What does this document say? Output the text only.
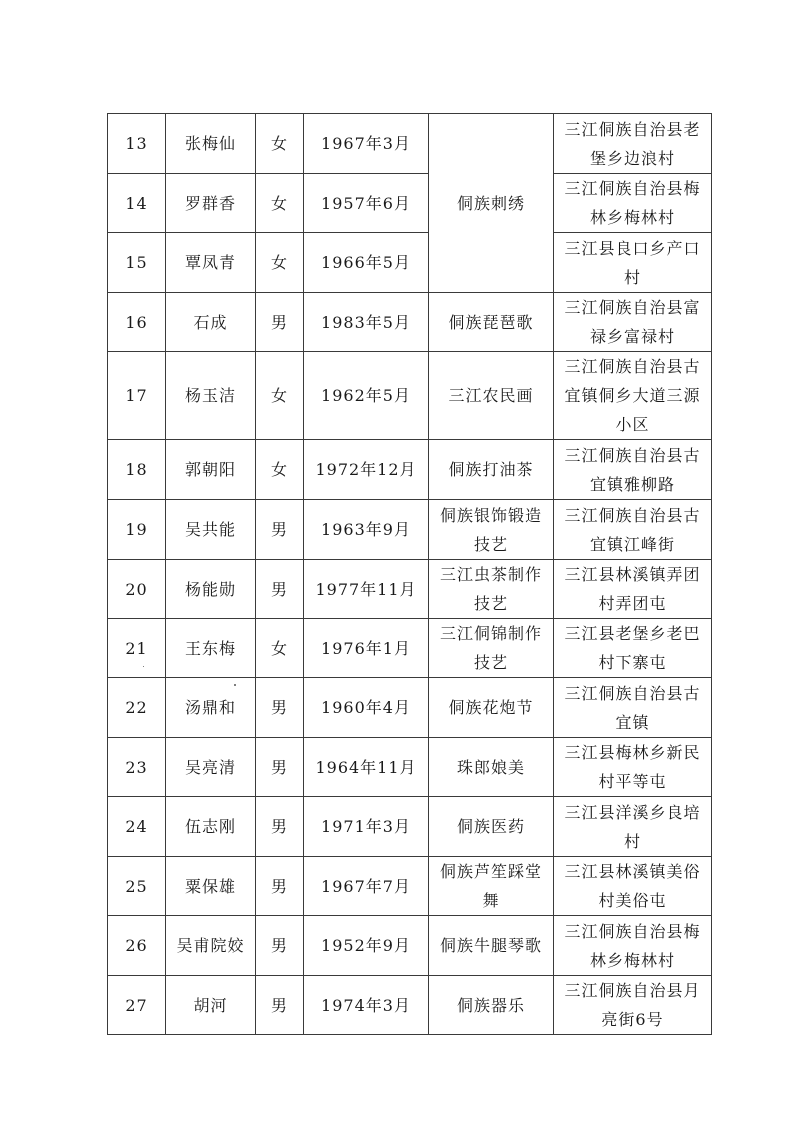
13	张梅仙	女	1967年3月	侗族刺绣	三江侗族自治县老堡乡边浪村
14	罗群香	女	1957年6月		三江侗族自治县梅林乡梅林村
15	覃凤青	女	1966年5月		三江县良口乡产口村
16	石成	男	1983年5月	侗族琵琶歌	三江侗族自治县富禄乡富禄村
17	杨玉洁	女	1962年5月	三江农民画	三江侗族自治县古宜镇侗乡大道三源小区
18	郭朝阳	女	1972年12月	侗族打油茶	三江侗族自治县古宜镇雅柳路
19	吴共能	男	1963年9月	侗族银饰锻造技艺	三江侗族自治县古宜镇江峰街
20	杨能勋	男	1977年11月	三江虫茶制作技艺	三江县林溪镇弄团村弄团屯
21	王东梅	女	1976年1月	三江侗锦制作技艺	三江县老堡乡老巴村下寨屯
22	汤鼎和	男	1960年4月	侗族花炮节	三江侗族自治县古宜镇
23	吴亮清	男	1964年11月	珠郎娘美	三江县梅林乡新民村平等屯
24	伍志刚	男	1971年3月	侗族医药	三江县洋溪乡良培村
25	粟保雄	男	1967年7月	侗族芦笙踩堂舞	三江县林溪镇美俗村美俗屯
26	吴甫院姣	男	1952年9月	侗族牛腿琴歌	三江侗族自治县梅林乡梅林村
27	胡河	男	1974年3月	侗族器乐	三江侗族自治县月亮街6号
